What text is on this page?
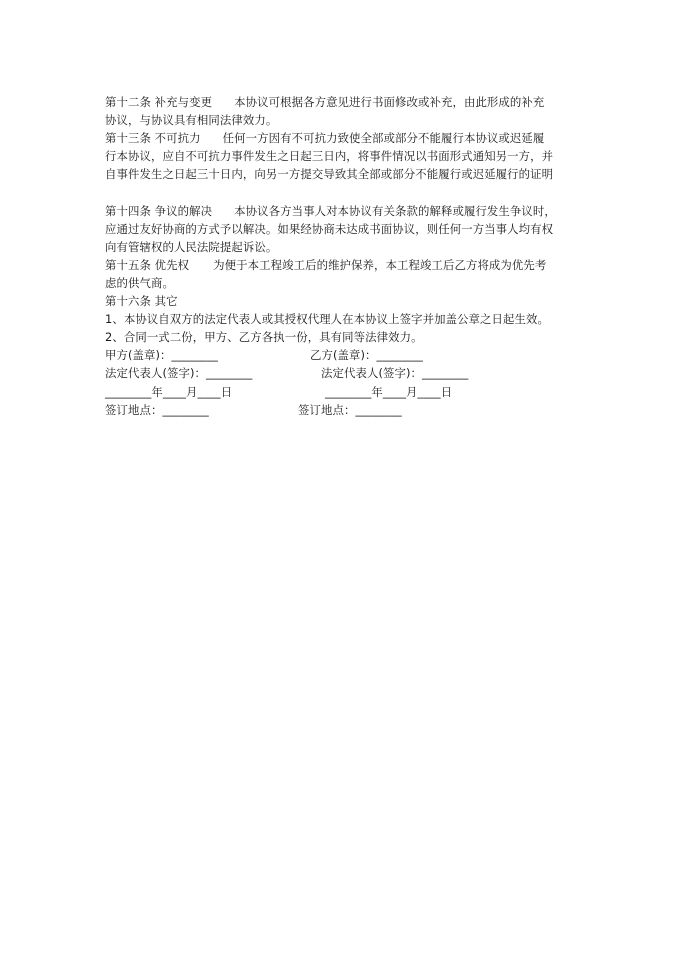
第十二条 补充与变更 本协议可根据各方意见进行书面修改或补充，由此形成的补充
协议，与协议具有相同法律效力。
第十三条 不可抗力 任何一方因有不可抗力致使全部或部分不能履行本协议或迟延履
行本协议，应自不可抗力事件发生之日起三日内，将事件情况以书面形式通知另一方，并
自事件发生之日起三十日内，向另一方提交导致其全部或部分不能履行或迟延履行的证明
第十四条 争议的解决 本协议各方当事人对本协议有关条款的解释或履行发生争议时，
应通过友好协商的方式予以解决。如果经协商未达成书面协议，则任何一方当事人均有权
向有管辖权的人民法院提起诉讼。
第十五条 优先权 为便于本工程竣工后的维护保养，本工程竣工后乙方将成为优先考
虑的供气商。
第十六条 其它
1、本协议自双方的法定代表人或其授权代理人在本协议上签字并加盖公章之日起生效。
2、合同一式二份，甲方、乙方各执一份，具有同等法律效力。
甲方(盖章)：________	乙方(盖章)：________
法定代表人(签字)：________	法定代表人(签字)：________
________年____月____日	________年____月____日
签订地点：________	签订地点：________
